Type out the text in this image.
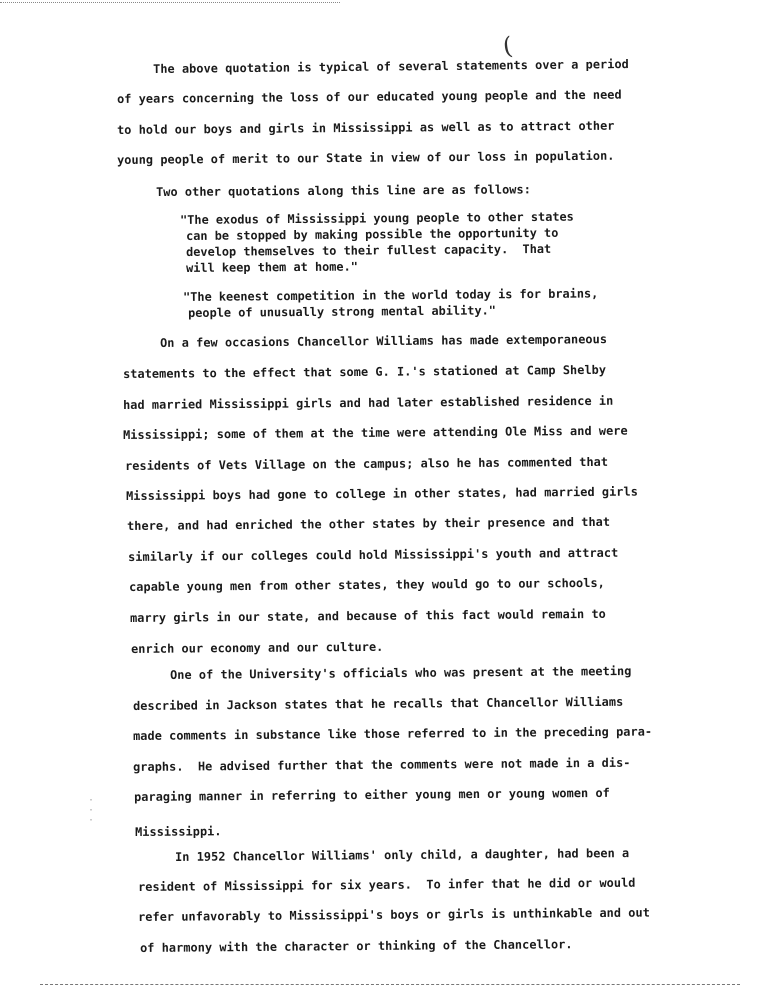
(
·
·
·
The above quotation is typical of several statements over a period
of years concerning the loss of our educated young people and the need
to hold our boys and girls in Mississippi as well as to attract other
young people of merit to our State in view of our loss in population.
Two other quotations along this line are as follows:
"The exodus of Mississippi young people to other states
can be stopped by making possible the opportunity to
develop themselves to their fullest capacity.  That
will keep them at home."
"The keenest competition in the world today is for brains,
people of unusually strong mental ability."
On a few occasions Chancellor Williams has made extemporaneous
statements to the effect that some G. I.'s stationed at Camp Shelby
had married Mississippi girls and had later established residence in
Mississippi; some of them at the time were attending Ole Miss and were
residents of Vets Village on the campus; also he has commented that
Mississippi boys had gone to college in other states, had married girls
there, and had enriched the other states by their presence and that
similarly if our colleges could hold Mississippi's youth and attract
capable young men from other states, they would go to our schools,
marry girls in our state, and because of this fact would remain to
enrich our economy and our culture.
One of the University's officials who was present at the meeting
described in Jackson states that he recalls that Chancellor Williams
made comments in substance like those referred to in the preceding para-
graphs.  He advised further that the comments were not made in a dis-
paraging manner in referring to either young men or young women of
Mississippi.
In 1952 Chancellor Williams' only child, a daughter, had been a
resident of Mississippi for six years.  To infer that he did or would
refer unfavorably to Mississippi's boys or girls is unthinkable and out
of harmony with the character or thinking of the Chancellor.
